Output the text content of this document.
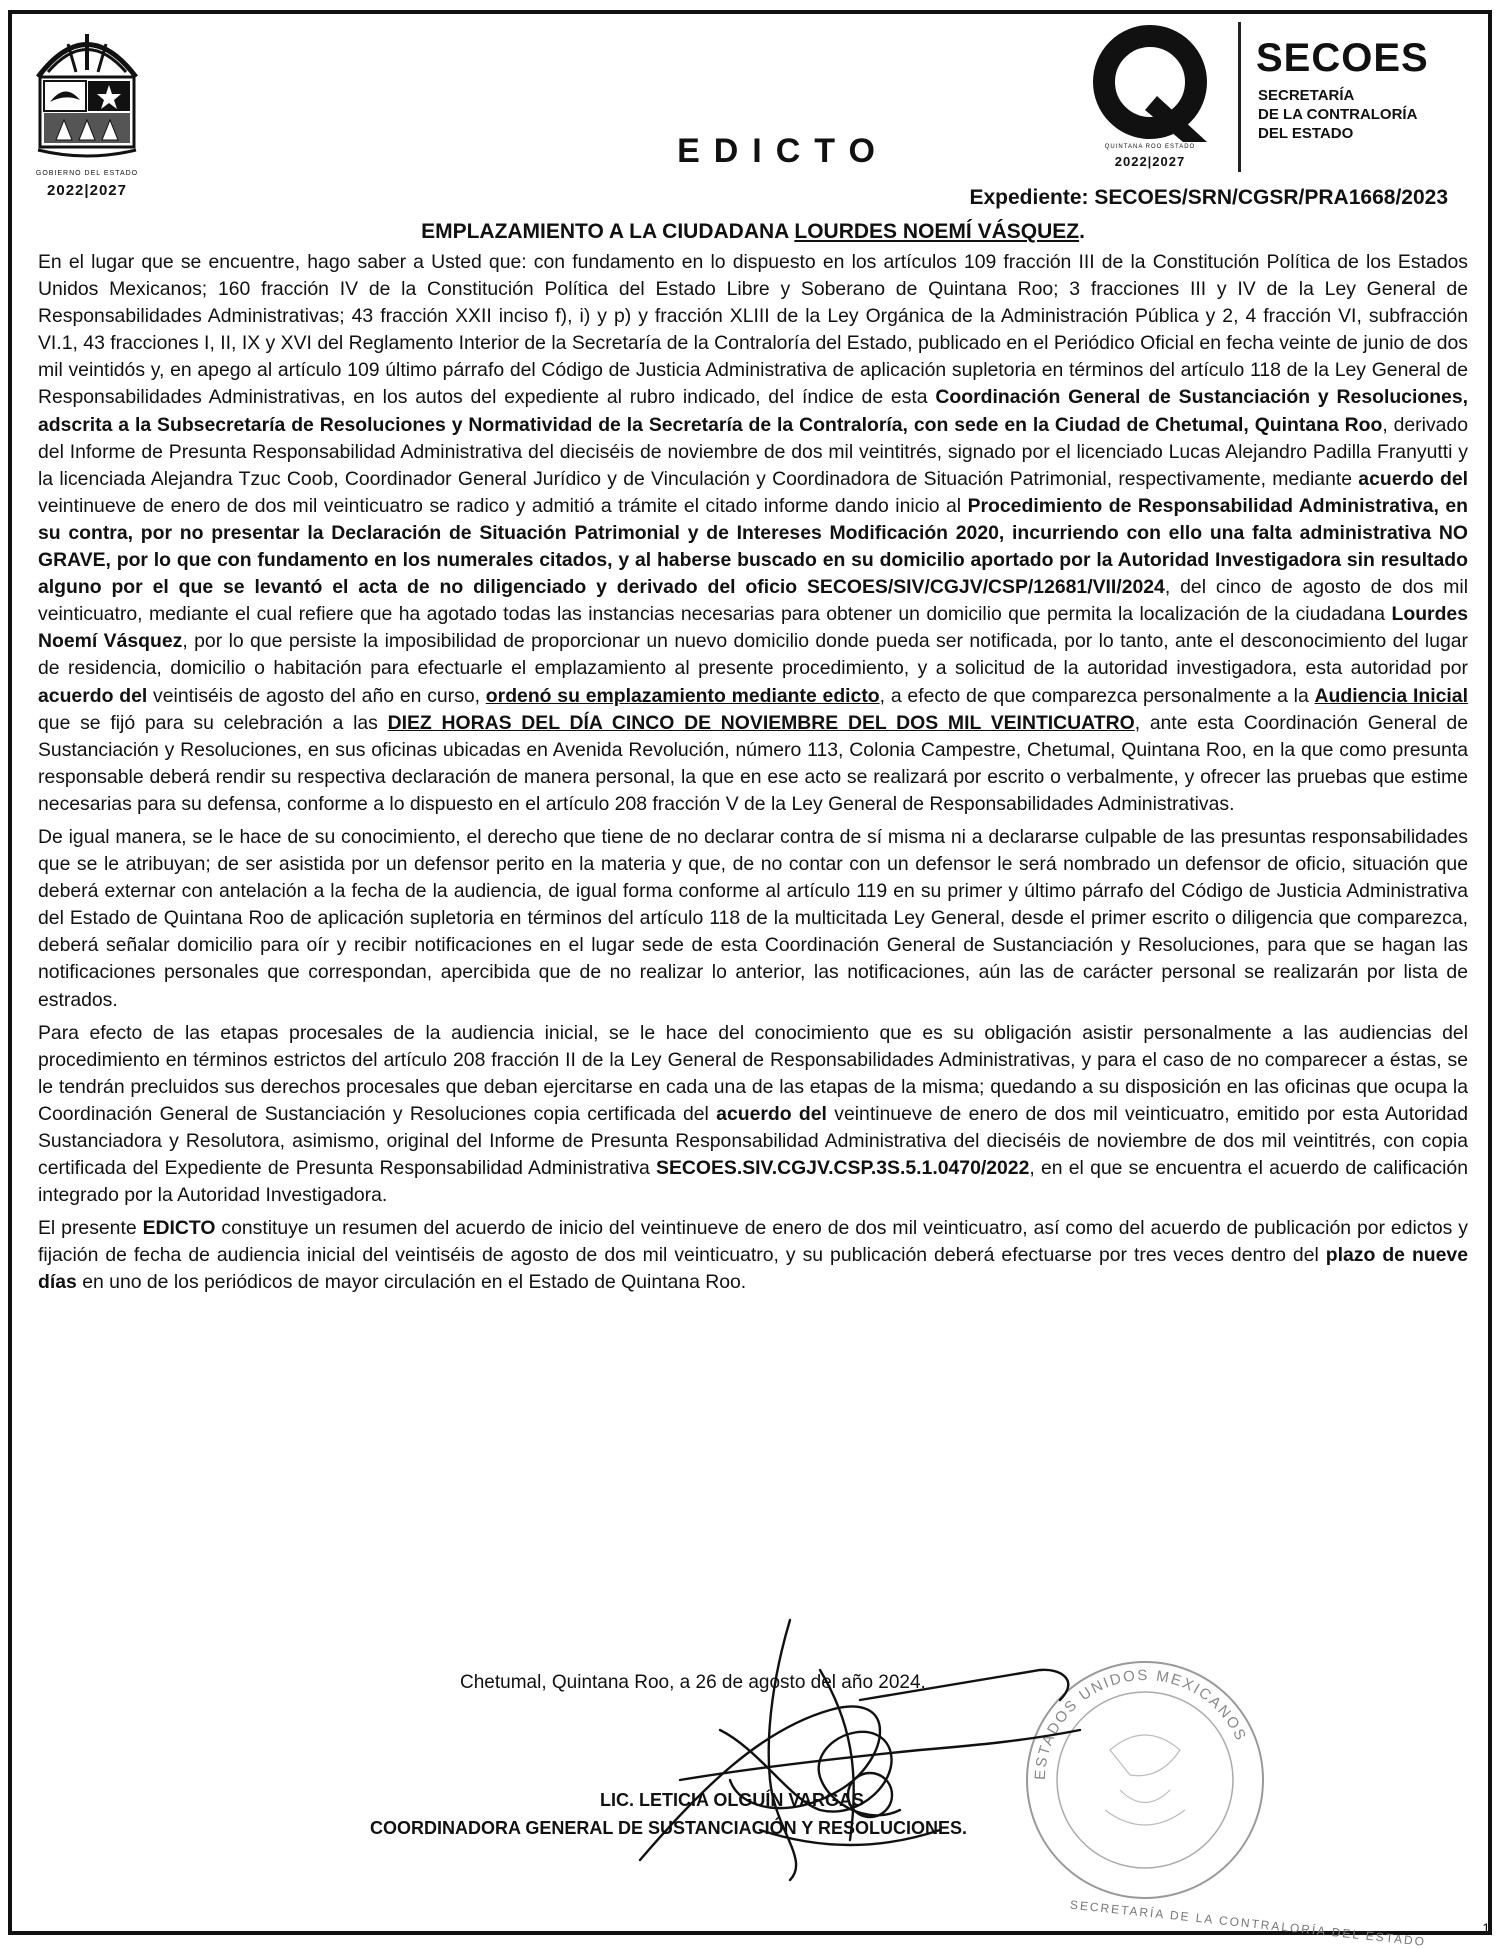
GOBIERNO DEL ESTADO
2022|2027
QUINTANA ROO ESTADO
2022|2027
SECOES
SECRETARÍA
DE LA CONTRALORÍA
DEL ESTADO
EDICTO
Expediente: SECOES/SRN/CGSR/PRA1668/2023
EMPLAZAMIENTO A LA CIUDADANA LOURDES NOEMÍ VÁSQUEZ.

En el lugar que se encuentre, hago saber a Usted que: con fundamento en lo dispuesto en los artículos 109 fracción III de la Constitución Política de los Estados Unidos Mexicanos; 160 fracción IV de la Constitución Política del Estado Libre y Soberano de Quintana Roo; 3 fracciones III y IV de la Ley General de Responsabilidades Administrativas; 43 fracción XXII inciso f), i) y p) y fracción XLIII de la Ley Orgánica de la Administración Pública y 2, 4 fracción VI, subfracción VI.1, 43 fracciones I, II, IX y XVI del Reglamento Interior de la Secretaría de la Contraloría del Estado, publicado en el Periódico Oficial en fecha veinte de junio de dos mil veintidós y, en apego al artículo 109 último párrafo del Código de Justicia Administrativa de aplicación supletoria en términos del artículo 118 de la Ley General de Responsabilidades Administrativas, en los autos del expediente al rubro indicado, del índice de esta Coordinación General de Sustanciación y Resoluciones, adscrita a la Subsecretaría de Resoluciones y Normatividad de la Secretaría de la Contraloría, con sede en la Ciudad de Chetumal, Quintana Roo, derivado del Informe de Presunta Responsabilidad Administrativa del dieciséis de noviembre de dos mil veintitrés, signado por el licenciado Lucas Alejandro Padilla Franyutti y la licenciada Alejandra Tzuc Coob, Coordinador General Jurídico y de Vinculación y Coordinadora de Situación Patrimonial, respectivamente, mediante acuerdo del veintinueve de enero de dos mil veinticuatro se radico y admitió a trámite el citado informe dando inicio al Procedimiento de Responsabilidad Administrativa, en su contra, por no presentar la Declaración de Situación Patrimonial y de Intereses Modificación 2020, incurriendo con ello una falta administrativa NO GRAVE, por lo que con fundamento en los numerales citados, y al haberse buscado en su domicilio aportado por la Autoridad Investigadora sin resultado alguno por el que se levantó el acta de no diligenciado y derivado del oficio SECOES/SIV/CGJV/CSP/12681/VII/2024, del cinco de agosto de dos mil veinticuatro, mediante el cual refiere que ha agotado todas las instancias necesarias para obtener un domicilio que permita la localización de la ciudadana Lourdes Noemí Vásquez, por lo que persiste la imposibilidad de proporcionar un nuevo domicilio donde pueda ser notificada, por lo tanto, ante el desconocimiento del lugar de residencia, domicilio o habitación para efectuarle el emplazamiento al presente procedimiento, y a solicitud de la autoridad investigadora, esta autoridad por acuerdo del veintiséis de agosto del año en curso, ordenó su emplazamiento mediante edicto, a efecto de que comparezca personalmente a la Audiencia Inicial que se fijó para su celebración a las DIEZ HORAS DEL DÍA CINCO DE NOVIEMBRE DEL DOS MIL VEINTICUATRO, ante esta Coordinación General de Sustanciación y Resoluciones, en sus oficinas ubicadas en Avenida Revolución, número 113, Colonia Campestre, Chetumal, Quintana Roo, en la que como presunta responsable deberá rendir su respectiva declaración de manera personal, la que en ese acto se realizará por escrito o verbalmente, y ofrecer las pruebas que estime necesarias para su defensa, conforme a lo dispuesto en el artículo 208 fracción V de la Ley General de Responsabilidades Administrativas.

De igual manera, se le hace de su conocimiento, el derecho que tiene de no declarar contra de sí misma ni a declararse culpable de las presuntas responsabilidades que se le atribuyan; de ser asistida por un defensor perito en la materia y que, de no contar con un defensor le será nombrado un defensor de oficio, situación que deberá externar con antelación a la fecha de la audiencia, de igual forma conforme al artículo 119 en su primer y último párrafo del Código de Justicia Administrativa del Estado de Quintana Roo de aplicación supletoria en términos del artículo 118 de la multicitada Ley General, desde el primer escrito o diligencia que comparezca, deberá señalar domicilio para oír y recibir notificaciones en el lugar sede de esta Coordinación General de Sustanciación y Resoluciones, para que se hagan las notificaciones personales que correspondan, apercibida que de no realizar lo anterior, las notificaciones, aún las de carácter personal se realizarán por lista de estrados.

Para efecto de las etapas procesales de la audiencia inicial, se le hace del conocimiento que es su obligación asistir personalmente a las audiencias del procedimiento en términos estrictos del artículo 208 fracción II de la Ley General de Responsabilidades Administrativas, y para el caso de no comparecer a éstas, se le tendrán precluidos sus derechos procesales que deban ejercitarse en cada una de las etapas de la misma; quedando a su disposición en las oficinas que ocupa la Coordinación General de Sustanciación y Resoluciones copia certificada del acuerdo del veintinueve de enero de dos mil veinticuatro, emitido por esta Autoridad Sustanciadora y Resolutora, asimismo, original del Informe de Presunta Responsabilidad Administrativa del dieciséis de noviembre de dos mil veintitrés, con copia certificada del Expediente de Presunta Responsabilidad Administrativa SECOES.SIV.CGJV.CSP.3S.5.1.0470/2022, en el que se encuentra el acuerdo de calificación integrado por la Autoridad Investigadora.

El presente EDICTO constituye un resumen del acuerdo de inicio del veintinueve de enero de dos mil veinticuatro, así como del acuerdo de publicación por edictos y fijación de fecha de audiencia inicial del veintiséis de agosto de dos mil veinticuatro, y su publicación deberá efectuarse por tres veces dentro del plazo de nueve días en uno de los periódicos de mayor circulación en el Estado de Quintana Roo.

ESTADOS UNIDOS MEXICANOS
Chetumal, Quintana Roo, a 26 de agosto del año 2024.
LIC. LETICIA OLGUÍN VARGAS
COORDINADORA GENERAL DE SUSTANCIACIÓN Y RESOLUCIONES.
SECRETARÍA DE LA CONTRALORÍA DEL ESTADO	1
